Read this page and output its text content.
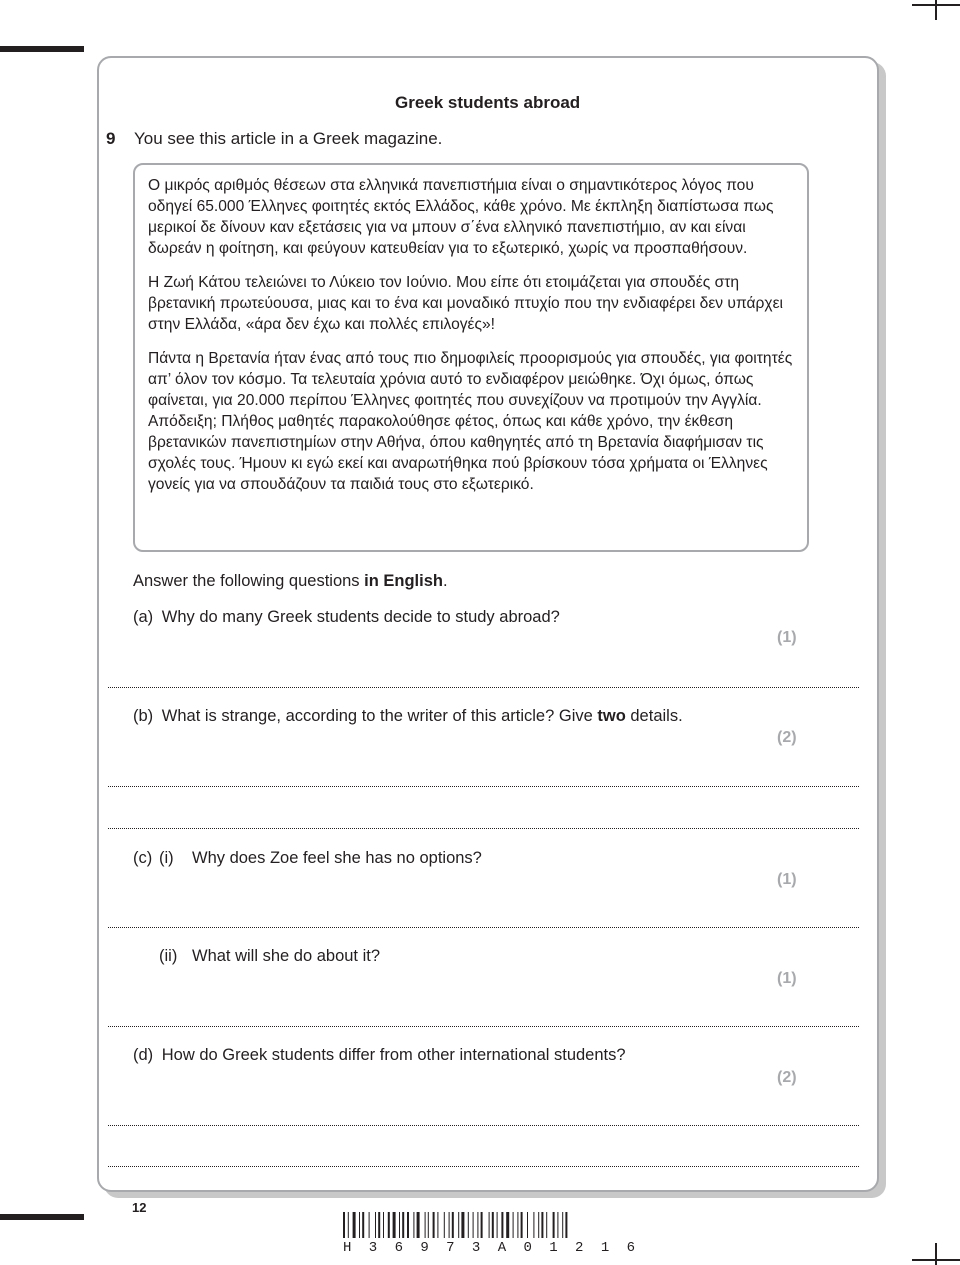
Greek students abroad
9 You see this article in a Greek magazine.

Ο μικρός αριθμός θέσεων στα ελληνικά πανεπιστήμια είναι ο σημαντικότερος λόγος που οδηγεί 65.000 Έλληνες φοιτητές εκτός Ελλάδος, κάθε χρόνο. Με έκπληξη διαπίστωσα πως μερικοί δε δίνουν καν εξετάσεις για να μπουν σ΄ένα ελληνικό πανεπιστήμιο, αν και είναι δωρεάν η φοίτηση, και φεύγουν κατευθείαν για το εξωτερικό, χωρίς να προσπαθήσουν.

Η Ζωή Κάτου τελειώνει το Λύκειο τον Ιούνιο. Μου είπε ότι ετοιμάζεται για σπουδές στη βρετανική πρωτεύουσα, μιας και το ένα και μοναδικό πτυχίο που την ενδιαφέρει δεν υπάρχει στην Ελλάδα, «άρα δεν έχω και πολλές επιλογές»!

Πάντα η Βρετανία ήταν ένας από τους πιο δημοφιλείς προορισμούς για σπουδές, για φοιτητές απ’ όλον τον κόσμο. Τα τελευταία χρόνια αυτό το ενδιαφέρον μειώθηκε. Όχι όμως, όπως φαίνεται, για 20.000 περίπου Έλληνες φοιτητές που συνεχίζουν να προτιμούν την Αγγλία. Απόδειξη; Πλήθος μαθητές παρακολούθησε φέτος, όπως και κάθε χρόνο, την έκθεση βρετανικών πανεπιστημίων στην Αθήνα, όπου καθηγητές από τη Βρετανία διαφήμισαν τις σχολές τους. Ήμουν κι εγώ εκεί και αναρωτήθηκα πού βρίσκουν τόσα χρήματα οι Έλληνες γονείς για να σπουδάζουν τα παιδιά τους στο εξωτερικό.

Answer the following questions in English.
(a) Why do many Greek students decide to study abroad?
(1)
(b) What is strange, according to the writer of this article? Give two details.
(2)
(c) (i) Why does Zoe feel she has no options?
(1)
(ii) What will she do about it?
(1)
(d) How do Greek students differ from other international students?
(2)
12
H 3 6 9 7 3 A 0 1 2 1 6
